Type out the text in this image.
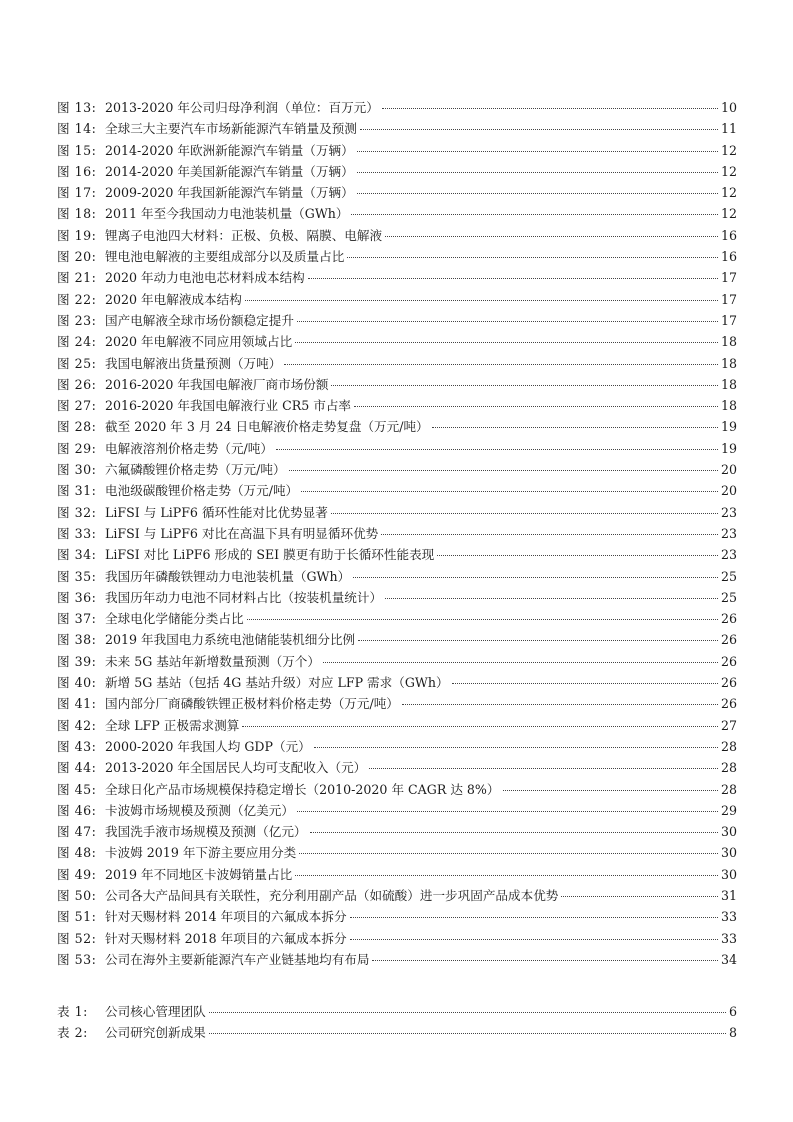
图 13: 2013-2020 年公司归母净利润（单位：百万元）	10
图 14: 全球三大主要汽车市场新能源汽车销量及预测	11
图 15: 2014-2020 年欧洲新能源汽车销量（万辆）	12
图 16: 2014-2020 年美国新能源汽车销量（万辆）	12
图 17: 2009-2020 年我国新能源汽车销量（万辆）	12
图 18: 2011 年至今我国动力电池装机量（GWh）	12
图 19: 锂离子电池四大材料：正极、负极、隔膜、电解液	16
图 20: 锂电池电解液的主要组成部分以及质量占比	16
图 21: 2020 年动力电池电芯材料成本结构	17
图 22: 2020 年电解液成本结构	17
图 23: 国产电解液全球市场份额稳定提升	17
图 24: 2020 年电解液不同应用领域占比	18
图 25: 我国电解液出货量预测（万吨）	18
图 26: 2016-2020 年我国电解液厂商市场份额	18
图 27: 2016-2020 年我国电解液行业 CR5 市占率	18
图 28: 截至 2020 年 3 月 24 日电解液价格走势复盘（万元/吨）	19
图 29: 电解液溶剂价格走势（元/吨）	19
图 30: 六氟磷酸锂价格走势（万元/吨）	20
图 31: 电池级碳酸锂价格走势（万元/吨）	20
图 32: LiFSI 与 LiPF6 循环性能对比优势显著	23
图 33: LiFSI 与 LiPF6 对比在高温下具有明显循环优势	23
图 34: LiFSI 对比 LiPF6 形成的 SEI 膜更有助于长循环性能表现	23
图 35: 我国历年磷酸铁锂动力电池装机量（GWh）	25
图 36: 我国历年动力电池不同材料占比（按装机量统计）	25
图 37: 全球电化学储能分类占比	26
图 38: 2019 年我国电力系统电池储能装机细分比例	26
图 39: 未来 5G 基站年新增数量预测（万个）	26
图 40: 新增 5G 基站（包括 4G 基站升级）对应 LFP 需求（GWh）	26
图 41: 国内部分厂商磷酸铁锂正极材料价格走势（万元/吨）	26
图 42: 全球 LFP 正极需求测算	27
图 43: 2000-2020 年我国人均 GDP（元）	28
图 44: 2013-2020 年全国居民人均可支配收入（元）	28
图 45: 全球日化产品市场规模保持稳定增长（2010-2020 年 CAGR 达 8%）	28
图 46: 卡波姆市场规模及预测（亿美元）	29
图 47: 我国洗手液市场规模及预测（亿元）	30
图 48: 卡波姆 2019 年下游主要应用分类	30
图 49: 2019 年不同地区卡波姆销量占比	30
图 50: 公司各大产品间具有关联性，充分利用副产品（如硫酸）进一步巩固产品成本优势	31
图 51: 针对天赐材料 2014 年项目的六氟成本拆分	33
图 52: 针对天赐材料 2018 年项目的六氟成本拆分	33
图 53: 公司在海外主要新能源汽车产业链基地均有布局	34
表 1:	公司核心管理团队	6
表 2:	公司研究创新成果	8
